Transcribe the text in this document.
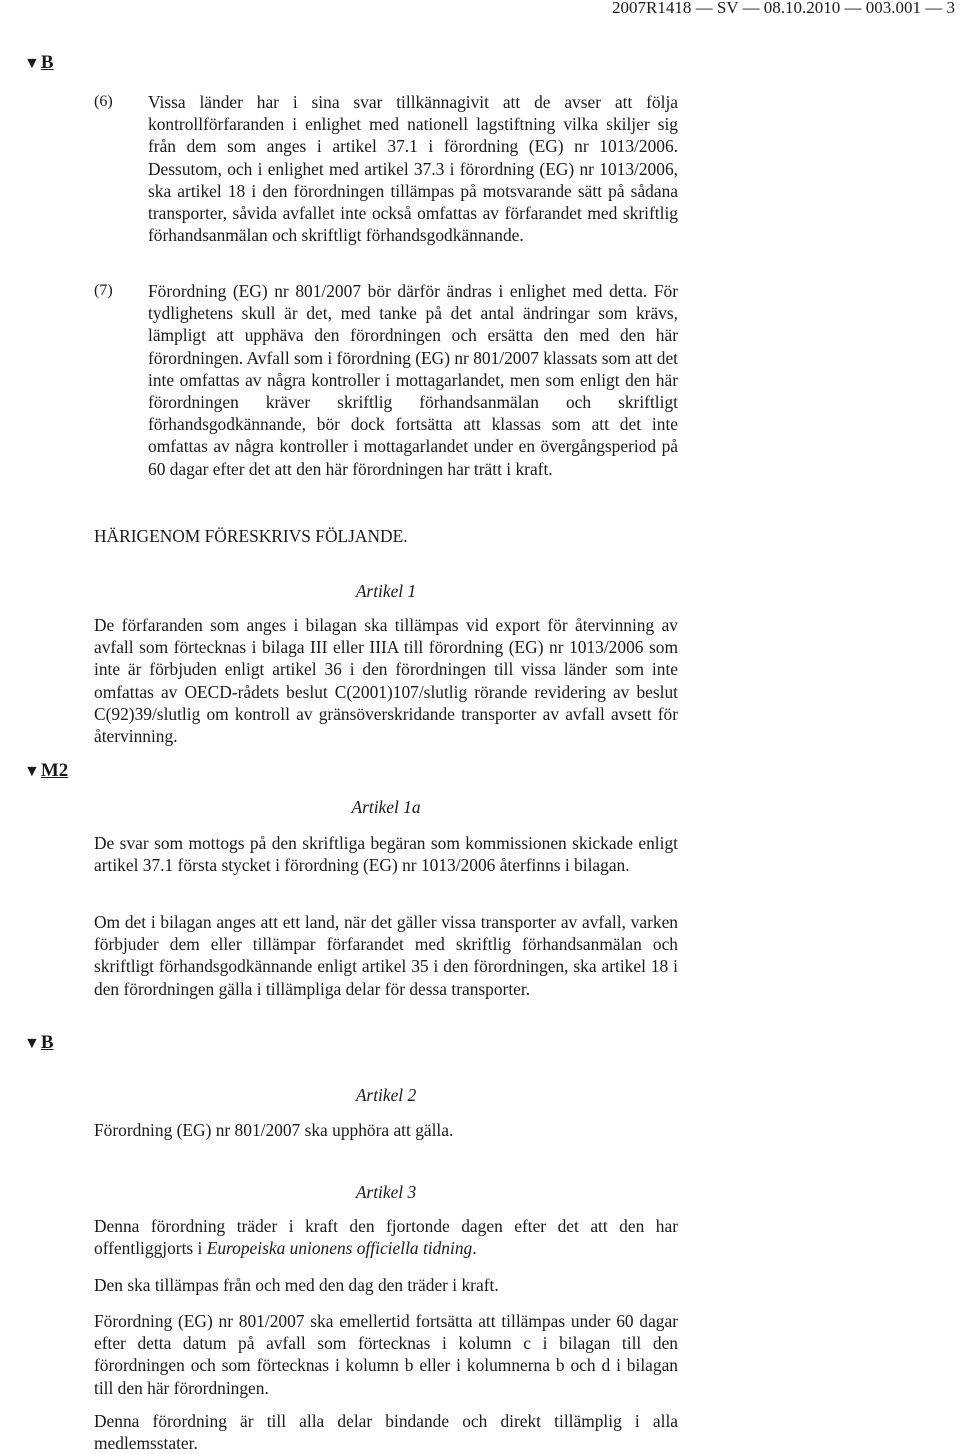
2007R1418 — SV — 08.10.2010 — 003.001 — 3
▼B
(6) Vissa länder har i sina svar tillkännagivit att de avser att följa kontrollförfaranden i enlighet med nationell lagstiftning vilka skiljer sig från dem som anges i artikel 37.1 i förordning (EG) nr 1013/2006. Dessutom, och i enlighet med artikel 37.3 i förordning (EG) nr 1013/2006, ska artikel 18 i den förordningen tillämpas på motsvarande sätt på sådana transporter, såvida avfallet inte också omfattas av förfarandet med skriftlig förhandsanmälan och skriftligt förhandsgodkännande.
(7) Förordning (EG) nr 801/2007 bör därför ändras i enlighet med detta. För tydlighetens skull är det, med tanke på det antal ändringar som krävs, lämpligt att upphäva den förordningen och ersätta den med den här förordningen. Avfall som i förordning (EG) nr 801/2007 klassats som att det inte omfattas av några kontroller i mottagarlandet, men som enligt den här förordningen kräver skriftlig förhandsanmälan och skriftligt förhandsgodkännande, bör dock fortsätta att klassas som att det inte omfattas av några kontroller i mottagarlandet under en övergångsperiod på 60 dagar efter det att den här förordningen har trätt i kraft.
HÄRIGENOM FÖRESKRIVS FÖLJANDE.
Artikel 1

De förfaranden som anges i bilagan ska tillämpas vid export för återvinning av avfall som förtecknas i bilaga III eller IIIA till förordning (EG) nr 1013/2006 som inte är förbjuden enligt artikel 36 i den förordningen till vissa länder som inte omfattas av OECD-rådets beslut C(2001)107/slutlig rörande revidering av beslut C(92)39/slutlig om kontroll av gränsöverskridande transporter av avfall avsett för återvinning.

▼M2
Artikel 1a

De svar som mottogs på den skriftliga begäran som kommissionen skickade enligt artikel 37.1 första stycket i förordning (EG) nr 1013/2006 återfinns i bilagan.

Om det i bilagan anges att ett land, när det gäller vissa transporter av avfall, varken förbjuder dem eller tillämpar förfarandet med skriftlig förhandsanmälan och skriftligt förhandsgodkännande enligt artikel 35 i den förordningen, ska artikel 18 i den förordningen gälla i tillämpliga delar för dessa transporter.

▼B
Artikel 2

Förordning (EG) nr 801/2007 ska upphöra att gälla.

Artikel 3

Denna förordning träder i kraft den fjortonde dagen efter det att den har offentliggjorts i Europeiska unionens officiella tidning.

Den ska tillämpas från och med den dag den träder i kraft.

Förordning (EG) nr 801/2007 ska emellertid fortsätta att tillämpas under 60 dagar efter detta datum på avfall som förtecknas i kolumn c i bilagan till den förordningen och som förtecknas i kolumn b eller i kolumnerna b och d i bilagan till den här förordningen.

Denna förordning är till alla delar bindande och direkt tillämplig i alla medlemsstater.
